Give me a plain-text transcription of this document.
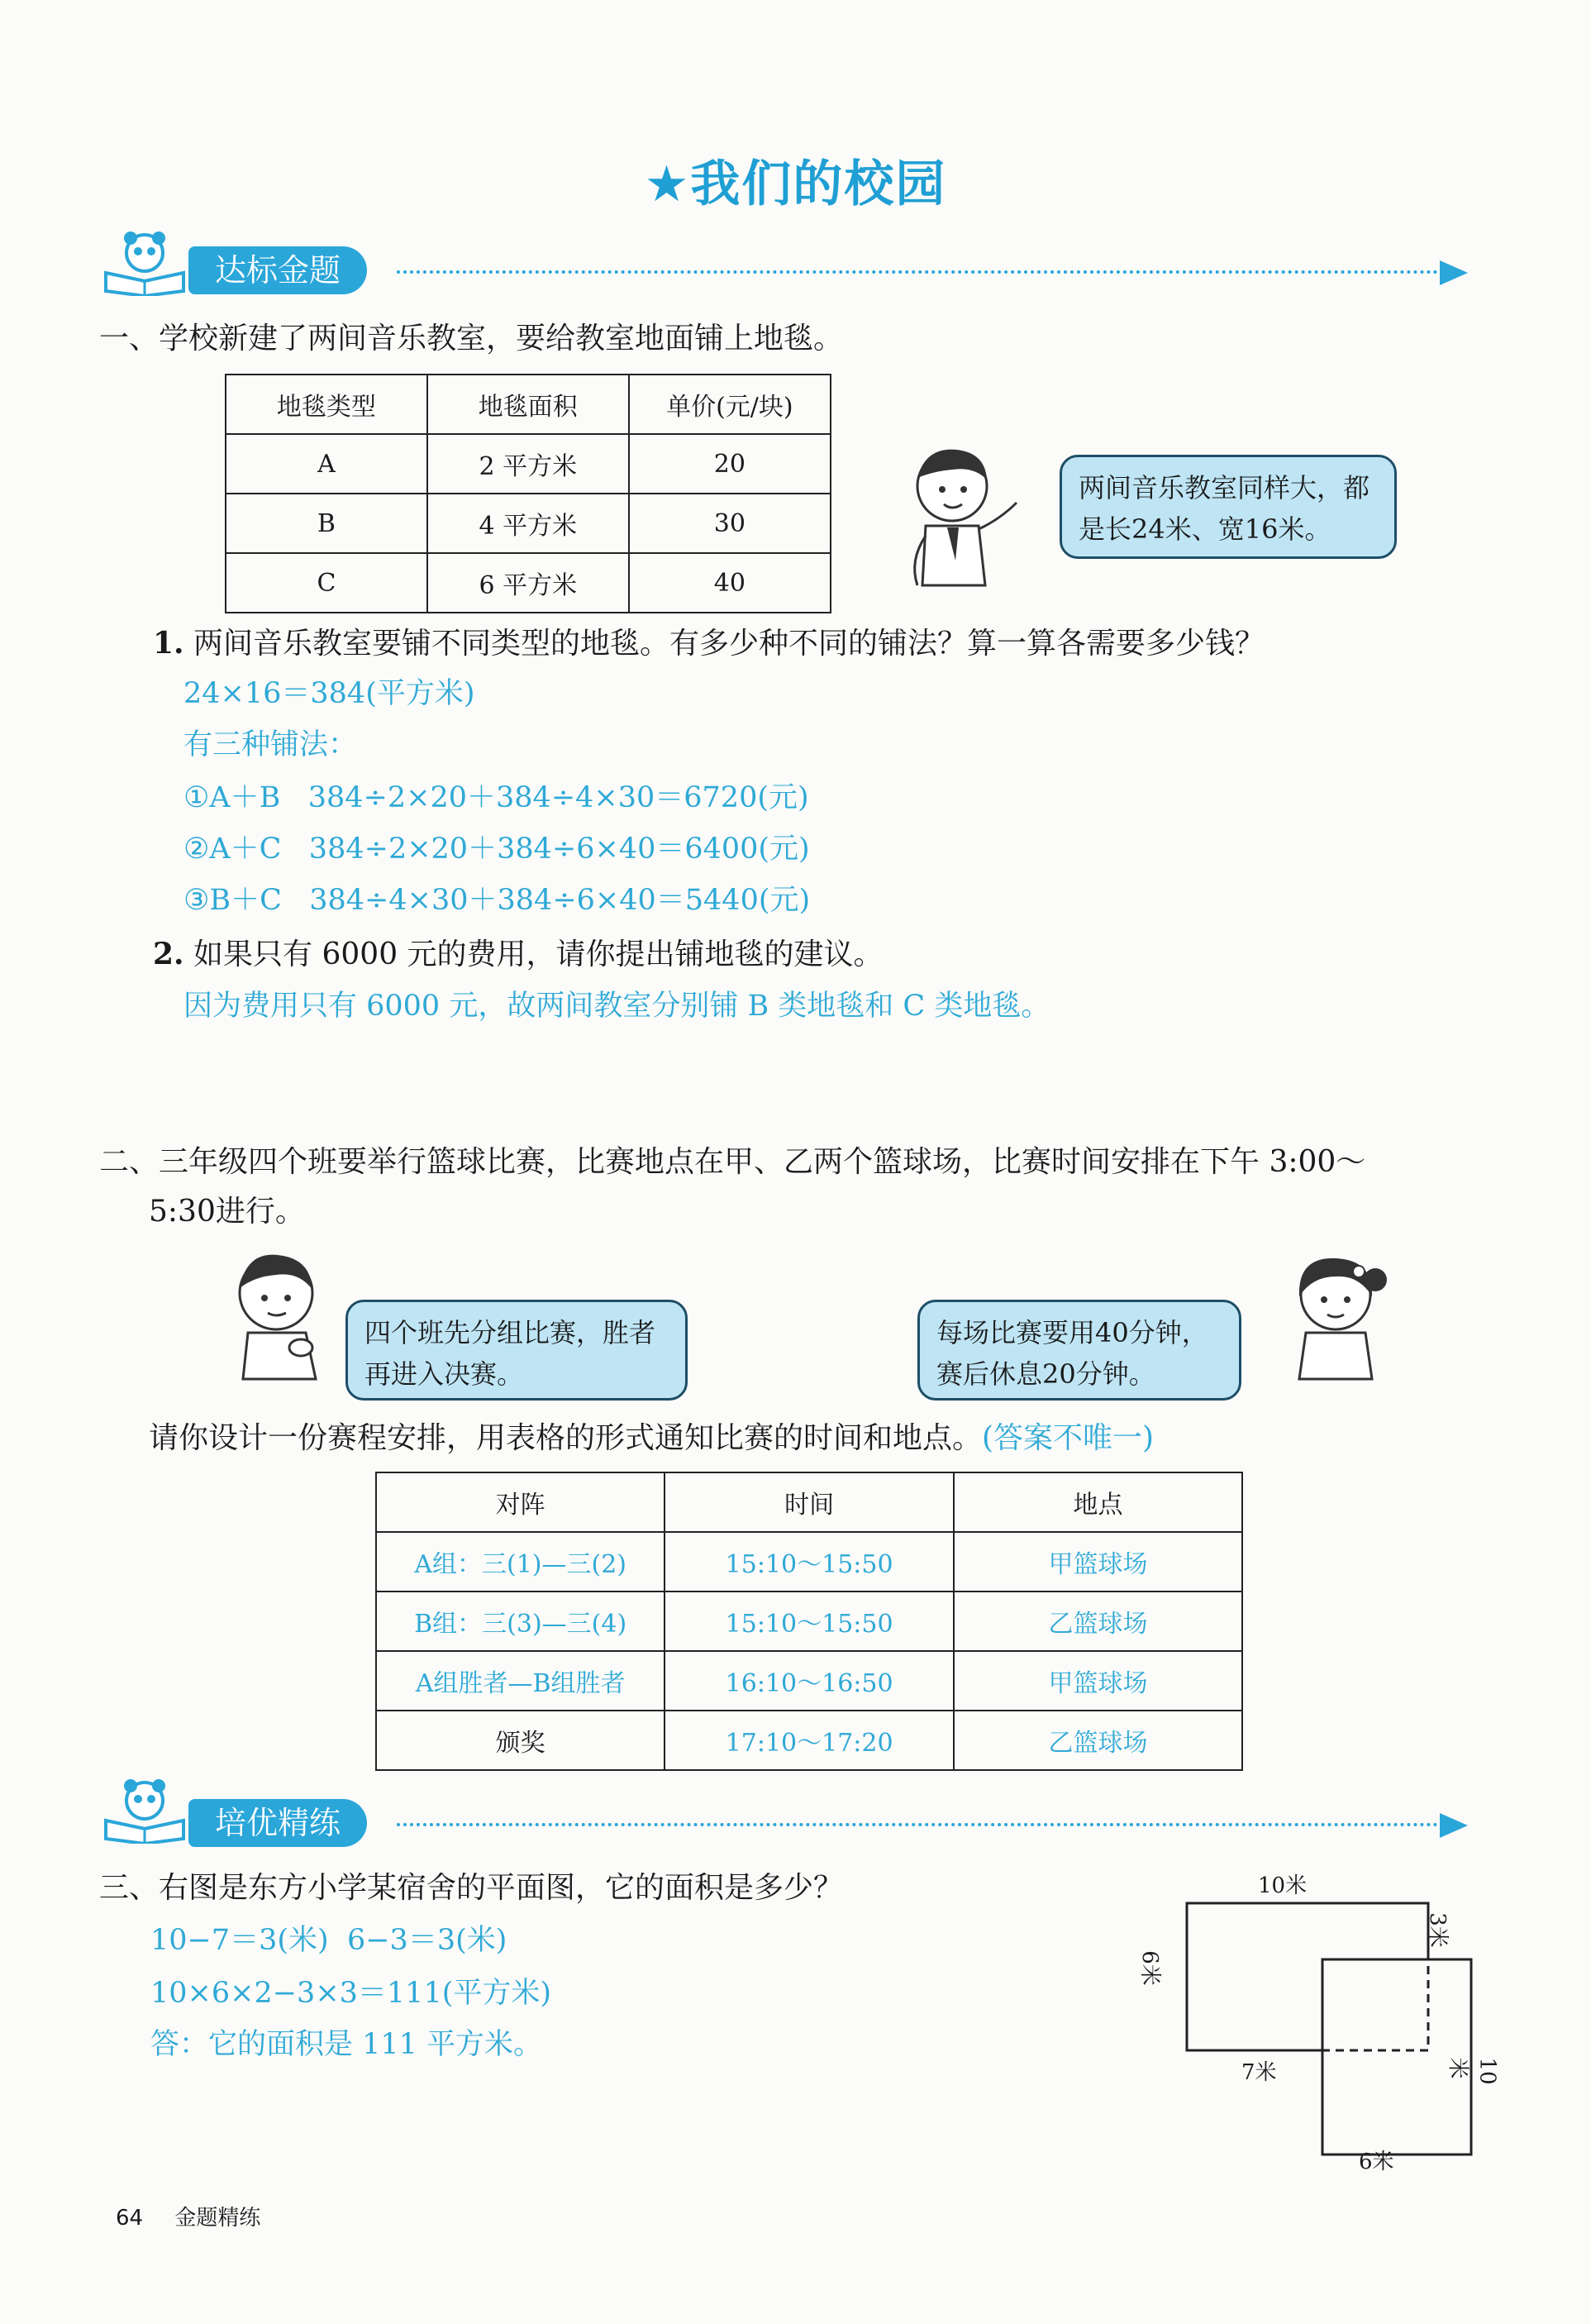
★我们的校园
达标金题
一、学校新建了两间音乐教室，要给教室地面铺上地毯。
地毯类型	地毯面积	单价(元/块)
A	2 平方米	20
B	4 平方米	30
C	6 平方米	40
两间音乐教室同样大，都是长24米、宽16米。
1. 两间音乐教室要铺不同类型的地毯。有多少种不同的铺法？算一算各需要多少钱？
24×16＝384(平方米)
有三种铺法：
①A＋B   384÷2×20＋384÷4×30＝6720(元)
②A＋C   384÷2×20＋384÷6×40＝6400(元)
③B＋C   384÷4×30＋384÷6×40＝5440(元)
2. 如果只有 6000 元的费用，请你提出铺地毯的建议。
因为费用只有 6000 元，故两间教室分别铺 B 类地毯和 C 类地毯。
二、三年级四个班要举行篮球比赛，比赛地点在甲、乙两个篮球场，比赛时间安排在下午 3:00～
5:30进行。
四个班先分组比赛，胜者再进入决赛。
每场比赛要用40分钟，赛后休息20分钟。
请你设计一份赛程安排，用表格的形式通知比赛的时间和地点。(答案不唯一)
对阵	时间	地点
A组：三(1)—三(2)	15:10～15:50	甲篮球场
B组：三(3)—三(4)	15:10～15:50	乙篮球场
A组胜者—B组胜者	16:10～16:50	甲篮球场
颁奖	17:10～17:20	乙篮球场
培优精练
三、右图是东方小学某宿舍的平面图，它的面积是多少？
10−7＝3(米)  6−3＝3(米)
10×6×2−3×3＝111(平方米)
答：它的面积是 111 平方米。
10米
6米
3米
7米	10米
6米
64 金题精练
